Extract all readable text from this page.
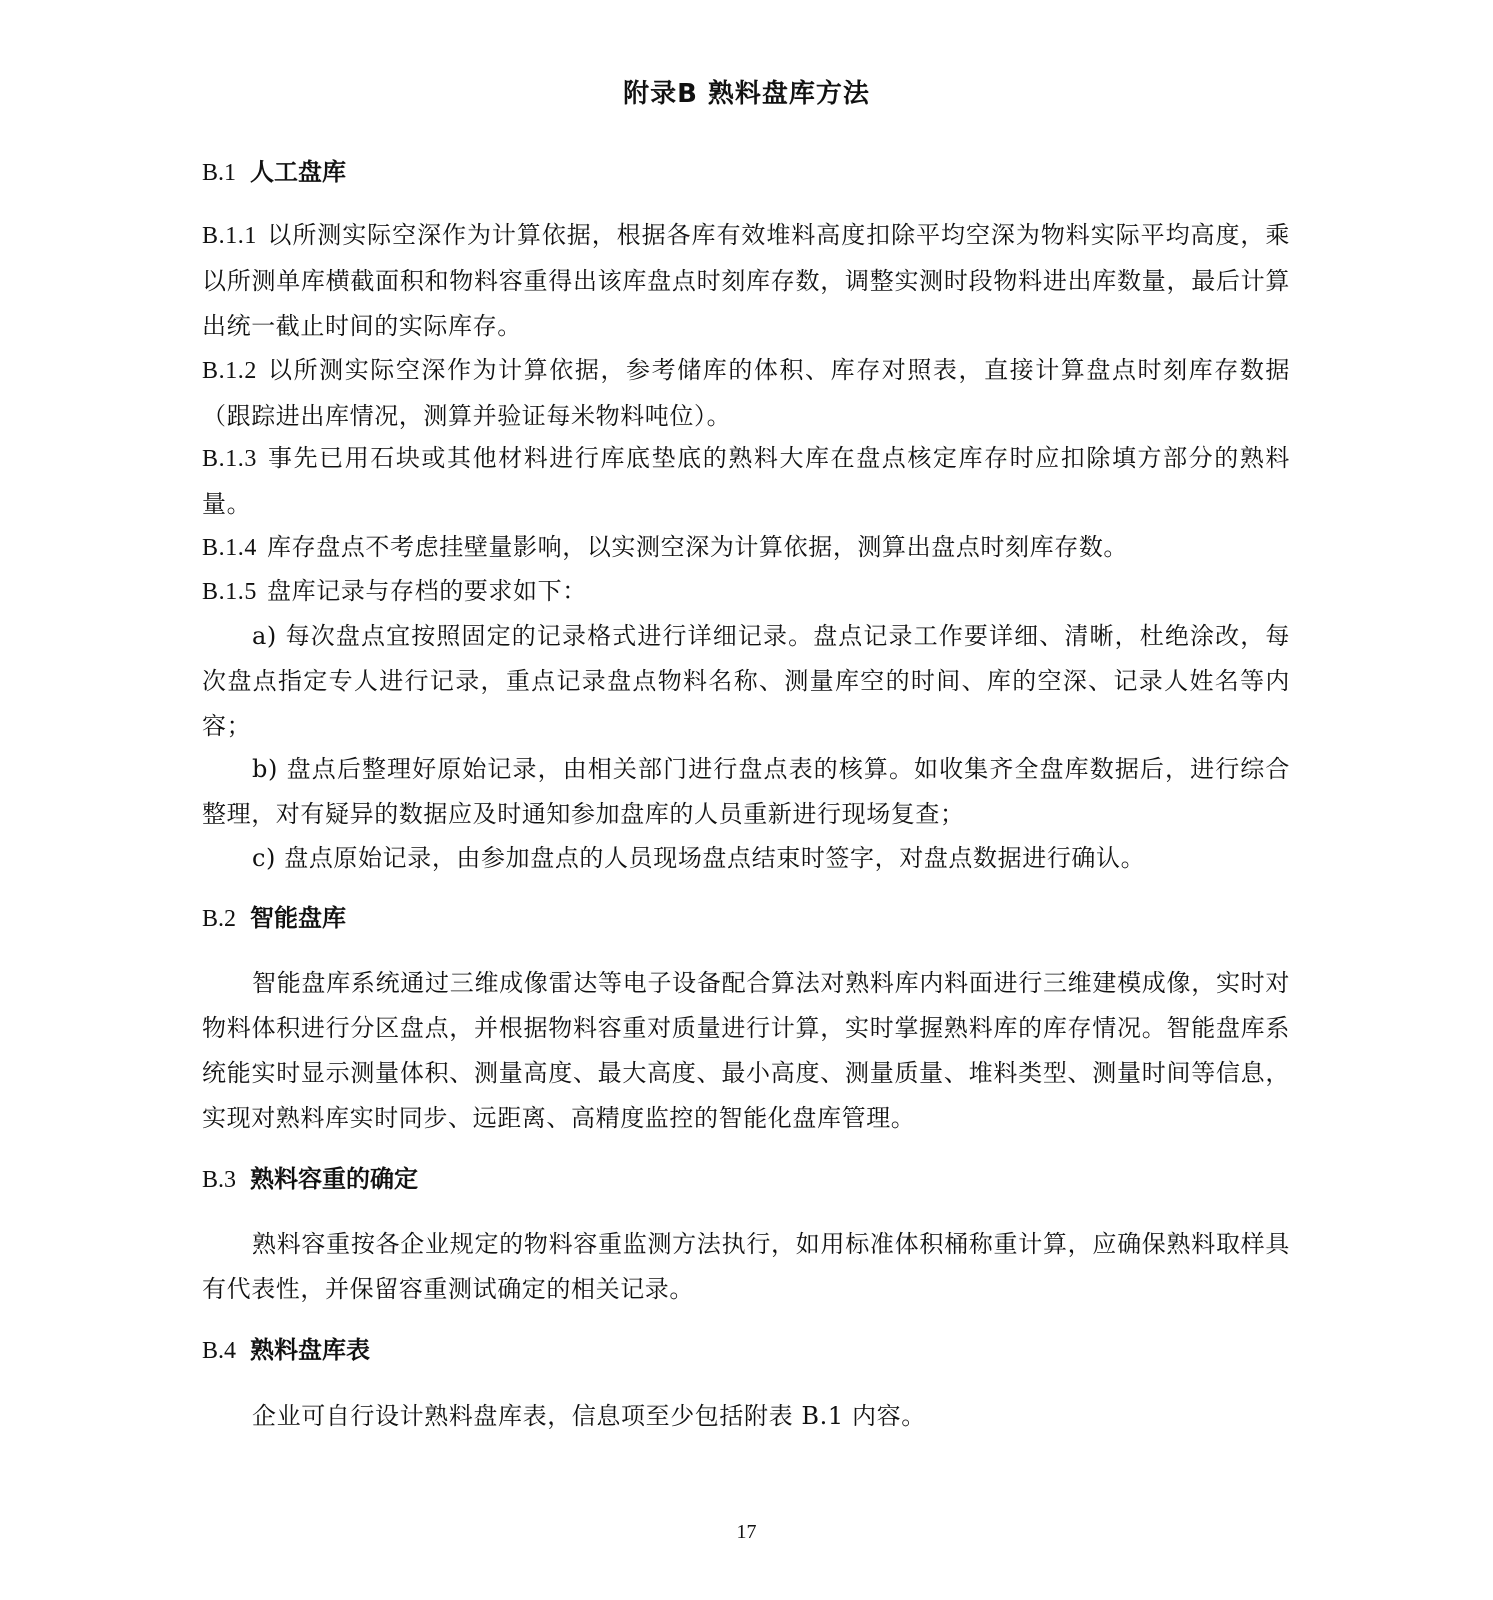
附录B 熟料盘库方法
B.1 人工盘库
B.1.1 以所测实际空深作为计算依据，根据各库有效堆料高度扣除平均空深为物料实际平均高度，乘以所测单库横截面积和物料容重得出该库盘点时刻库存数，调整实测时段物料进出库数量，最后计算出统一截止时间的实际库存。
B.1.2 以所测实际空深作为计算依据，参考储库的体积、库存对照表，直接计算盘点时刻库存数据（跟踪进出库情况，测算并验证每米物料吨位）。
B.1.3 事先已用石块或其他材料进行库底垫底的熟料大库在盘点核定库存时应扣除填方部分的熟料量。
B.1.4 库存盘点不考虑挂壁量影响，以实测空深为计算依据，测算出盘点时刻库存数。
B.1.5 盘库记录与存档的要求如下：
a) 每次盘点宜按照固定的记录格式进行详细记录。盘点记录工作要详细、清晰，杜绝涂改，每次盘点指定专人进行记录，重点记录盘点物料名称、测量库空的时间、库的空深、记录人姓名等内容；
b) 盘点后整理好原始记录，由相关部门进行盘点表的核算。如收集齐全盘库数据后，进行综合整理，对有疑异的数据应及时通知参加盘库的人员重新进行现场复查；
c) 盘点原始记录，由参加盘点的人员现场盘点结束时签字，对盘点数据进行确认。
B.2 智能盘库
智能盘库系统通过三维成像雷达等电子设备配合算法对熟料库内料面进行三维建模成像，实时对物料体积进行分区盘点，并根据物料容重对质量进行计算，实时掌握熟料库的库存情况。智能盘库系统能实时显示测量体积、测量高度、最大高度、最小高度、测量质量、堆料类型、测量时间等信息，实现对熟料库实时同步、远距离、高精度监控的智能化盘库管理。
B.3 熟料容重的确定
熟料容重按各企业规定的物料容重监测方法执行，如用标准体积桶称重计算，应确保熟料取样具有代表性，并保留容重测试确定的相关记录。
B.4 熟料盘库表
企业可自行设计熟料盘库表，信息项至少包括附表 B.1 内容。
17
